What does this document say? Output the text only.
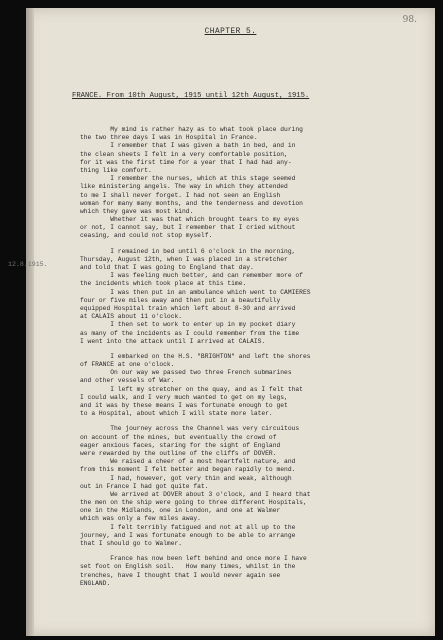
98.
CHAPTER 5.
FRANCE. From 10th August, 1915 until 12th August, 1915.
12.8.1915.
My mind is rather hazy as to what took place during
the two three days I was in Hospital in France.
I remember that I was given a bath in bed, and in
the clean sheets I felt in a very comfortable position,
for it was the first time for a year that I had had any-
thing like comfort.
I remember the nurses, which at this stage seemed
like ministering angels. The way in which they attended
to me I shall never forget. I had not seen an English
woman for many many months, and the tenderness and devotion
which they gave was most kind.
Whether it was that which brought tears to my eyes
or not, I cannot say, but I remember that I cried without
ceasing, and could not stop myself.
I remained in bed until 6 o'clock in the morning,
Thursday, August 12th, when I was placed in a stretcher
and told that I was going to England that day.
I was feeling much better, and can remember more of
the incidents which took place at this time.
I was then put in an ambulance which went to CAMIERES
four or five miles away and then put in a beautifully
equipped Hospital train which left about 8-30 and arrived
at CALAIS about 11 o'clock.
I then set to work to enter up in my pocket diary
as many of the incidents as I could remember from the time
I went into the attack until I arrived at CALAIS.
I embarked on the H.S. "BRIGHTON" and left the shores
of FRANCE at one o'clock.
On our way we passed two three French submarines
and other vessels of War.
I left my stretcher on the quay, and as I felt that
I could walk, and I very much wanted to get on my legs,
and it was by these means I was fortunate enough to get
to a Hospital, about which I will state more later.
The journey across the Channel was very circuitous
on account of the mines, but eventually the crowd of
eager anxious faces, staring for the sight of England
were rewarded by the outline of the cliffs of DOVER.
We raised a cheer of a most heartfelt nature, and
from this moment I felt better and began rapidly to mend.
I had, however, got very thin and weak, although
out in France I had got quite fat.
We arrived at DOVER about 3 o'clock, and I heard that
the men on the ship were going to three different Hospitals,
one in the Midlands, one in London, and one at Walmer
which was only a few miles away.
I felt terribly fatigued and not at all up to the
journey, and I was fortunate enough to be able to arrange
that I should go to Walmer.
France has now been left behind and once more I have
set foot on English soil.   How many times, whilst in the
trenches, have I thought that I would never again see
ENGLAND.
